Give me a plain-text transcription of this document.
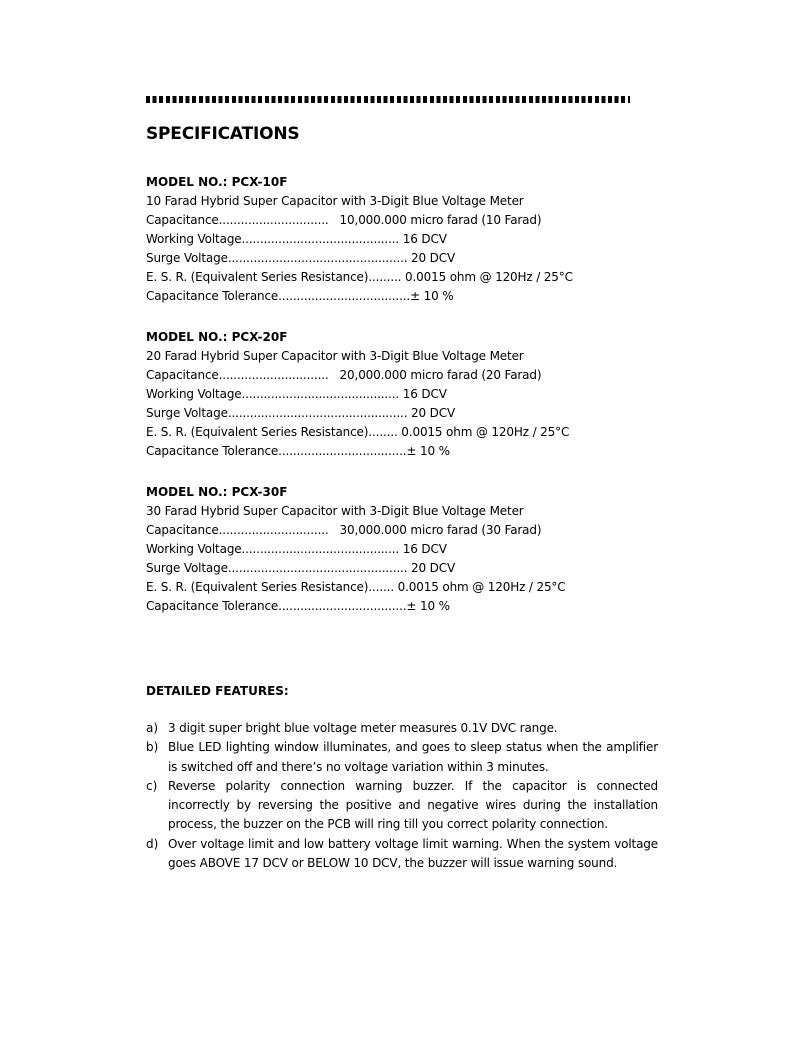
SPECIFICATIONS
MODEL NO.: PCX-10F
10 Farad Hybrid Super Capacitor with 3-Digit Blue Voltage Meter
Capacitance..............................   10,000.000 micro farad (10 Farad)
Working Voltage........................................... 16 DCV
Surge Voltage................................................. 20 DCV
E. S. R. (Equivalent Series Resistance)......... 0.0015 ohm @ 120Hz / 25°C
Capacitance Tolerance....................................± 10 %
MODEL NO.: PCX-20F
20 Farad Hybrid Super Capacitor with 3-Digit Blue Voltage Meter
Capacitance..............................   20,000.000 micro farad (20 Farad)
Working Voltage........................................... 16 DCV
Surge Voltage................................................. 20 DCV
E. S. R. (Equivalent Series Resistance)........ 0.0015 ohm @ 120Hz / 25°C
Capacitance Tolerance...................................± 10 %
MODEL NO.: PCX-30F
30 Farad Hybrid Super Capacitor with 3-Digit Blue Voltage Meter
Capacitance..............................   30,000.000 micro farad (30 Farad)
Working Voltage........................................... 16 DCV
Surge Voltage................................................. 20 DCV
E. S. R. (Equivalent Series Resistance)....... 0.0015 ohm @ 120Hz / 25°C
Capacitance Tolerance...................................± 10 %
DETAILED FEATURES:
a) 3 digit super bright blue voltage meter measures 0.1V DVC range.
b) Blue LED lighting window illuminates, and goes to sleep status when the amplifier is switched off and there’s no voltage variation within 3 minutes.
c) Reverse polarity connection warning buzzer. If the capacitor is connected incorrectly by reversing the positive and negative wires during the installation process, the buzzer on the PCB will ring till you correct polarity connection.
d) Over voltage limit and low battery voltage limit warning. When the system voltage goes ABOVE 17 DCV or BELOW 10 DCV, the buzzer will issue warning sound.
